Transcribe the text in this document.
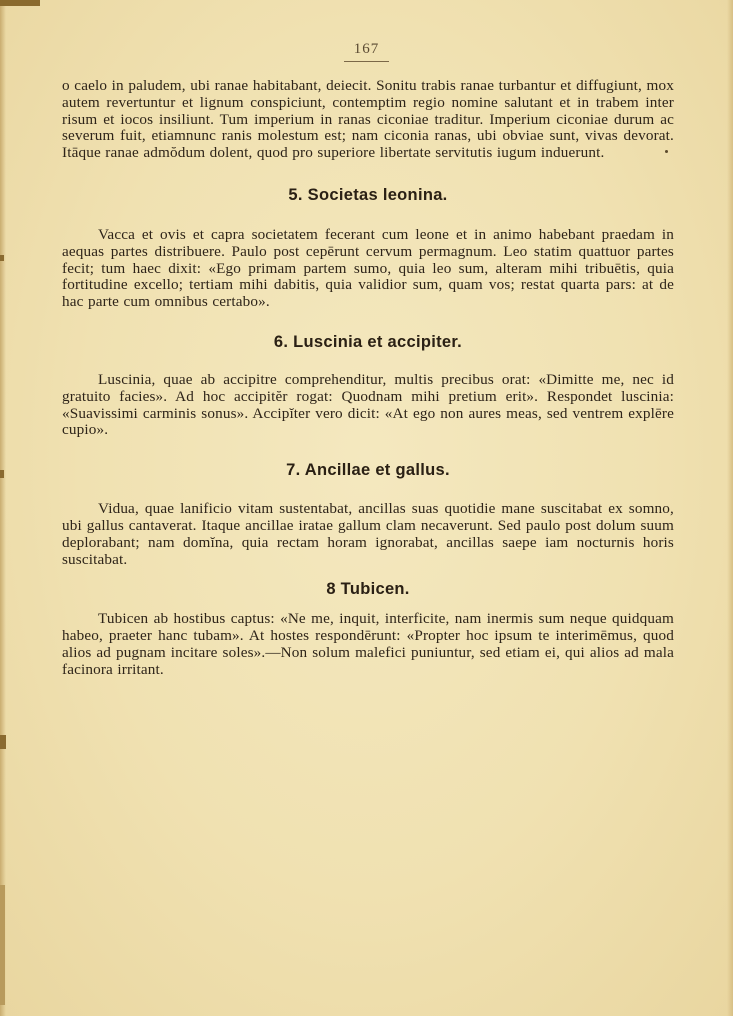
167

o caelo in paludem, ubi ranae habitabant, deiecit. Sonitu trabis ranae turbantur et diffugiunt, mox autem revertuntur et lignum conspiciunt, contemptim regio nomine salutant et in trabem inter risum et iocos insiliunt. Tum imperium in ranas ciconiae traditur. Imperium ciconiae durum ac severum fuit, etiamnunc ranis molestum est; nam ciconia ranas, ubi obviae sunt, vivas devorat. Itāque ranae admŏdum dolent, quod pro superiore libertate servitutis iugum induerunt.

5. Societas leonina.

Vacca et ovis et capra societatem fecerant cum leone et in animo habebant praedam in aequas partes distribuere. Paulo post cepērunt cervum permagnum. Leo statim quattuor partes fecit; tum haec dixit: «Ego primam partem sumo, quia leo sum, alteram mihi tribuētis, quia fortitudine excello; tertiam mihi dabitis, quia validior sum, quam vos; restat quarta pars: at de hac parte cum omnibus certabo».

6. Luscinia et accipiter.

Luscinia, quae ab accipitre comprehenditur, multis precibus orat: «Dimitte me, nec id gratuito facies». Ad hoc accipitĕr rogat: Quodnam mihi pretium erit». Respondet luscinia: «Suavissimi carminis sonus». Accipĭter vero dicit: «At ego non aures meas, sed ventrem explēre cupio».

7. Ancillae et gallus.

Vidua, quae lanificio vitam sustentabat, ancillas suas quotidie mane suscitabat ex somno, ubi gallus cantaverat. Itaque ancillae iratae gallum clam necaverunt. Sed paulo post dolum suum deplorabant; nam domĭna, quia rectam horam ignorabat, ancillas saepe iam nocturnis horis suscitabat.

8 Tubicen.

Tubicen ab hostibus captus: «Ne me, inquit, interficite, nam inermis sum neque quidquam habeo, praeter hanc tubam». At hostes respondērunt: «Propter hoc ipsum te interimēmus, quod alios ad pugnam incitare soles».—Non solum malefici puniuntur, sed etiam ei, qui alios ad mala facinora irritant.
